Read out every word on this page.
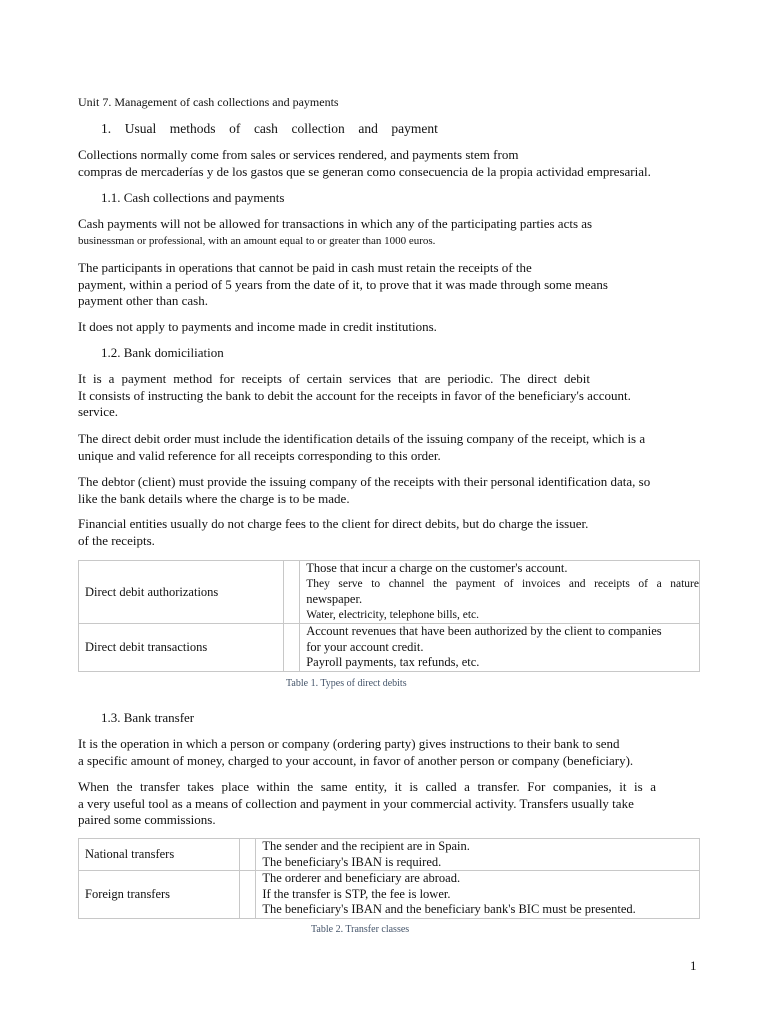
Unit 7. Management of cash collections and payments
1. Usual methods of cash collection and payment
Collections normally come from sales or services rendered, and payments stem from
compras de mercaderías y de los gastos que se generan como consecuencia de la propia actividad empresarial.
1.1. Cash collections and payments
Cash payments will not be allowed for transactions in which any of the participating parties acts as
businessman or professional, with an amount equal to or greater than 1000 euros.
The participants in operations that cannot be paid in cash must retain the receipts of the
payment, within a period of 5 years from the date of it, to prove that it was made through some means
payment other than cash.
It does not apply to payments and income made in credit institutions.
1.2. Bank domiciliation
It is a payment method for receipts of certain services that are periodic. The direct debit
It consists of instructing the bank to debit the account for the receipts in favor of the beneficiary's account.
service.
The direct debit order must include the identification details of the issuing company of the receipt, which is a
unique and valid reference for all receipts corresponding to this order.
The debtor (client) must provide the issuing company of the receipts with their personal identification data, so
like the bank details where the charge is to be made.
Financial entities usually do not charge fees to the client for direct debits, but do charge the issuer.
of the receipts.
Direct debit authorizations		Those that incur a charge on the customer's account.
They serve to channel the payment of invoices and receipts of a nature
newspaper.
Water, electricity, telephone bills, etc.

Direct debit transactions		Account revenues that have been authorized by the client to companies
for your account credit.
Payroll payments, tax refunds, etc.
Table 1. Types of direct debits
1.3. Bank transfer
It is the operation in which a person or company (ordering party) gives instructions to their bank to send
a specific amount of money, charged to your account, in favor of another person or company (beneficiary).
When the transfer takes place within the same entity, it is called a transfer. For companies, it is a
a very useful tool as a means of collection and payment in your commercial activity. Transfers usually take
paired some commissions.
National transfers		The sender and the recipient are in Spain.
The beneficiary's IBAN is required.

Foreign transfers		The orderer and beneficiary are abroad.
If the transfer is STP, the fee is lower.
The beneficiary's IBAN and the beneficiary bank's BIC must be presented.
Table 2. Transfer classes
1
